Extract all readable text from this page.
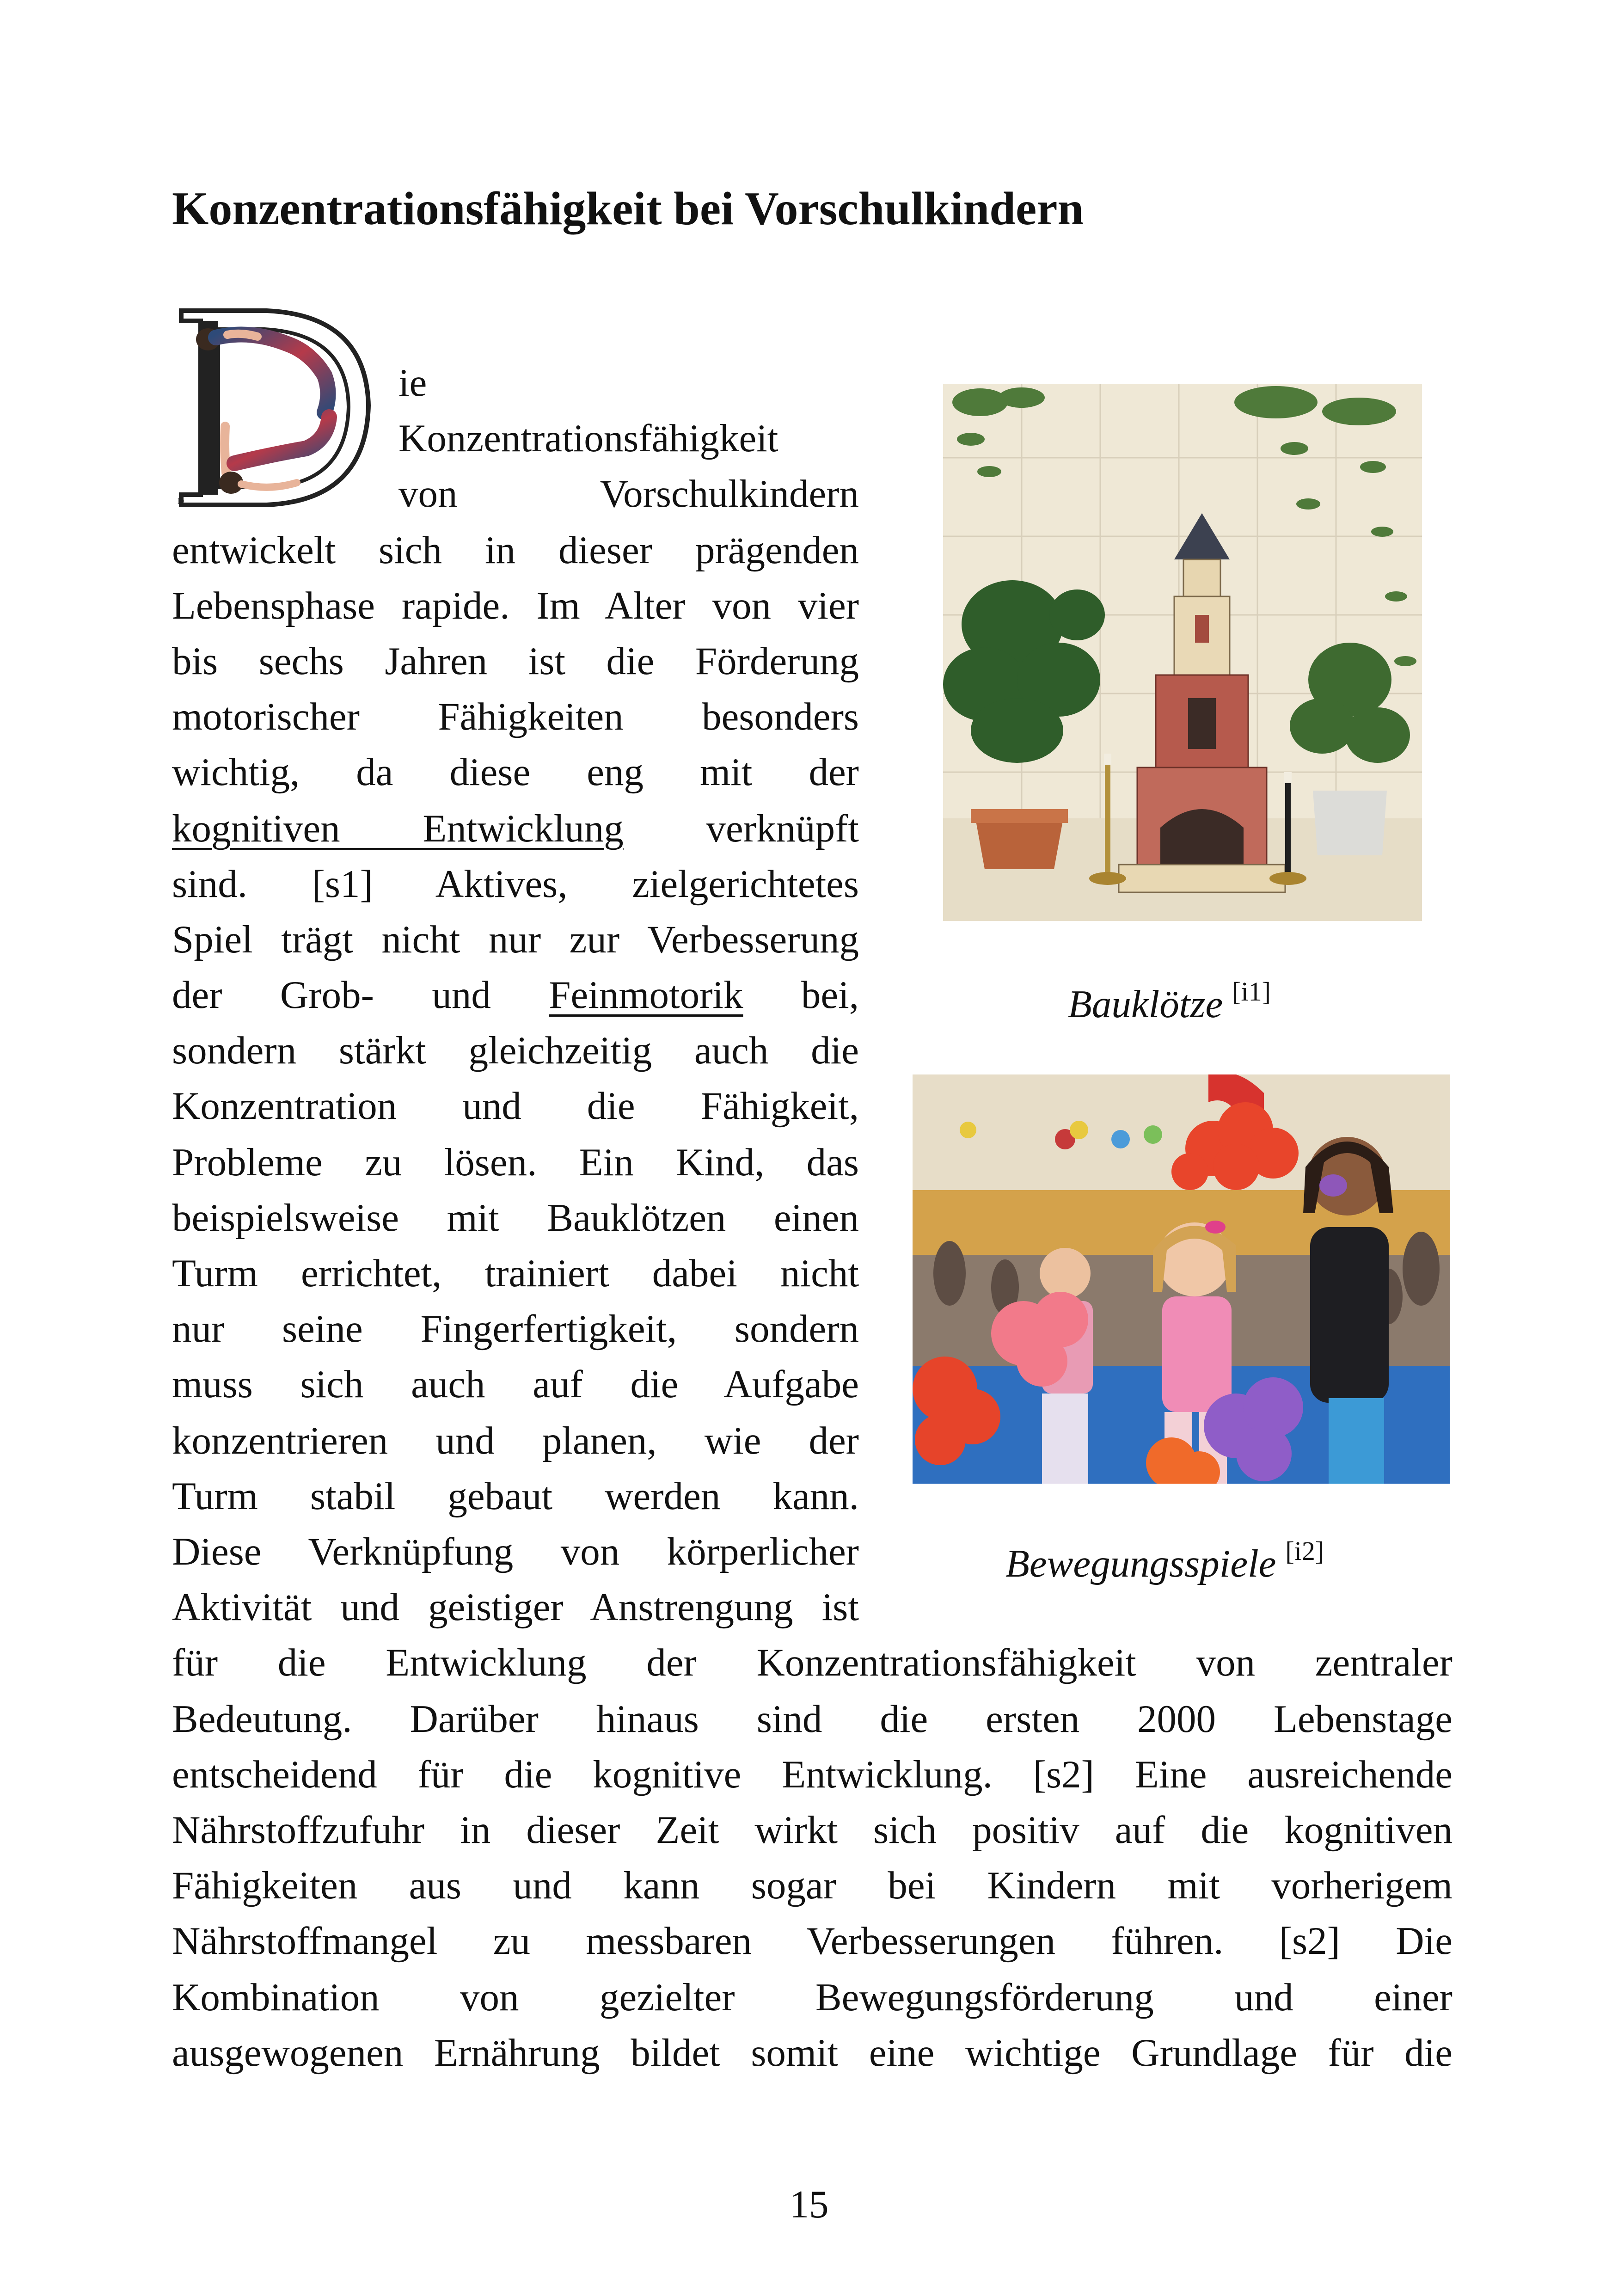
Konzentrationsfähigkeit bei Vorschulkindern
D
ie
Konzentrationsfähigkeit
von Vorschulkindern
entwickelt sich in dieser prägenden
Lebensphase rapide. Im Alter von vier
bis sechs Jahren ist die Förderung
motorischer Fähigkeiten besonders
wichtig, da diese eng mit der
kognitiven Entwicklung verknüpft
sind. [s1] Aktives, zielgerichtetes
Spiel trägt nicht nur zur Verbesserung
der Grob- und Feinmotorik bei,
sondern stärkt gleichzeitig auch die
Konzentration und die Fähigkeit,
Probleme zu lösen. Ein Kind, das
beispielsweise mit Bauklötzen einen
Turm errichtet, trainiert dabei nicht
nur seine Fingerfertigkeit, sondern
muss sich auch auf die Aufgabe
konzentrieren und planen, wie der
Turm stabil gebaut werden kann.
Diese Verknüpfung von körperlicher
Aktivität und geistiger Anstrengung ist
für die Entwicklung der Konzentrationsfähigkeit von zentraler
Bedeutung. Darüber hinaus sind die ersten 2000 Lebenstage
entscheidend für die kognitive Entwicklung. [s2] Eine ausreichende
Nährstoffzufuhr in dieser Zeit wirkt sich positiv auf die kognitiven
Fähigkeiten aus und kann sogar bei Kindern mit vorherigem
Nährstoffmangel zu messbaren Verbesserungen führen. [s2] Die
Kombination von gezielter Bewegungsförderung und einer
ausgewogenen Ernährung bildet somit eine wichtige Grundlage für die
Bauklötze [i1]
Bewegungsspiele [i2]
15
